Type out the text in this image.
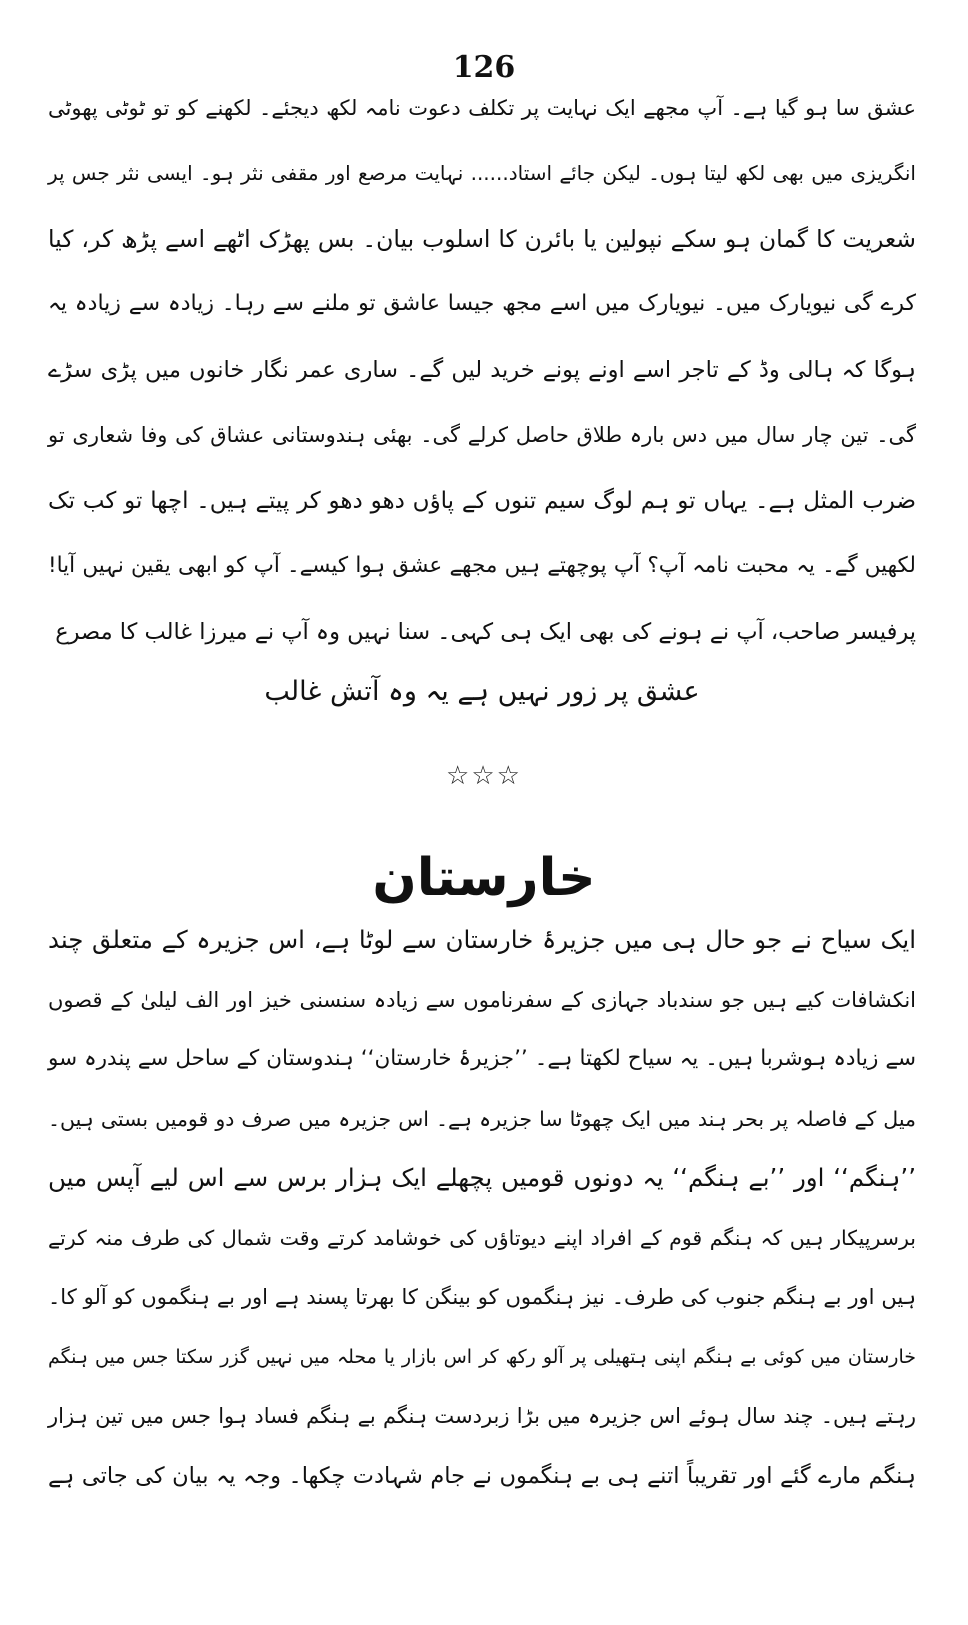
126
عشق سا ہو گیا ہے۔ آپ مجھے ایک نہایت پر تکلف دعوت نامہ لکھ دیجئے۔ لکھنے کو تو ٹوٹی پھوٹی
انگریزی میں بھی لکھ لیتا ہوں۔ لیکن جائے استاد...... نہایت مرصع اور مقفی نثر ہو۔ ایسی نثر جس پر
شعریت کا گمان ہو سکے نپولین یا بائرن کا اسلوب بیان۔ بس پھڑک اٹھے اسے پڑھ کر، کیا
کرے گی نیویارک میں۔ نیویارک میں اسے مجھ جیسا عاشق تو ملنے سے رہا۔ زیادہ سے زیادہ یہ
ہوگا کہ ہالی وڈ کے تاجر اسے اونے پونے خرید لیں گے۔ ساری عمر نگار خانوں میں پڑی سڑے
گی۔ تین چار سال میں دس بارہ طلاق حاصل کرلے گی۔ بھئی ہندوستانی عشاق کی وفا شعاری تو
ضرب المثل ہے۔ یہاں تو ہم لوگ سیم تنوں کے پاؤں دھو دھو کر پیتے ہیں۔ اچھا تو کب تک
لکھیں گے۔ یہ محبت نامہ آپ؟ آپ پوچھتے ہیں مجھے عشق ہوا کیسے۔ آپ کو ابھی یقین نہیں آیا!
پرفیسر صاحب، آپ نے ہونے کی بھی ایک ہی کہی۔ سنا نہیں وہ آپ نے میرزا غالب کا مصرع
عشق پر زور نہیں ہے یہ وہ آتش غالب
☆☆☆
خارستان
ایک سیاح نے جو حال ہی میں جزیرۂ خارستان سے لوٹا ہے، اس جزیرہ کے متعلق چند
انکشافات کیے ہیں جو سندباد جہازی کے سفرناموں سے زیادہ سنسنی خیز اور الف لیلیٰ کے قصوں
سے زیادہ ہوشربا ہیں۔ یہ سیاح لکھتا ہے۔ ’’جزیرۂ خارستان‘‘ ہندوستان کے ساحل سے پندرہ سو
میل کے فاصلہ پر بحر ہند میں ایک چھوٹا سا جزیرہ ہے۔ اس جزیرہ میں صرف دو قومیں بستی ہیں۔
’’ہنگم‘‘ اور ’’بے ہنگم‘‘ یہ دونوں قومیں پچھلے ایک ہزار برس سے اس لیے آپس میں
برسرپیکار ہیں کہ ہنگم قوم کے افراد اپنے دیوتاؤں کی خوشامد کرتے وقت شمال کی طرف منہ کرتے
ہیں اور بے ہنگم جنوب کی طرف۔ نیز ہنگموں کو بینگن کا بھرتا پسند ہے اور بے ہنگموں کو آلو کا۔
خارستان میں کوئی بے ہنگم اپنی ہتھیلی پر آلو رکھ کر اس بازار یا محلہ میں نہیں گزر سکتا جس میں ہنگم
رہتے ہیں۔ چند سال ہوئے اس جزیرہ میں بڑا زبردست ہنگم بے ہنگم فساد ہوا جس میں تین ہزار
ہنگم مارے گئے اور تقریباً اتنے ہی بے ہنگموں نے جام شہادت چکھا۔ وجہ یہ بیان کی جاتی ہے
